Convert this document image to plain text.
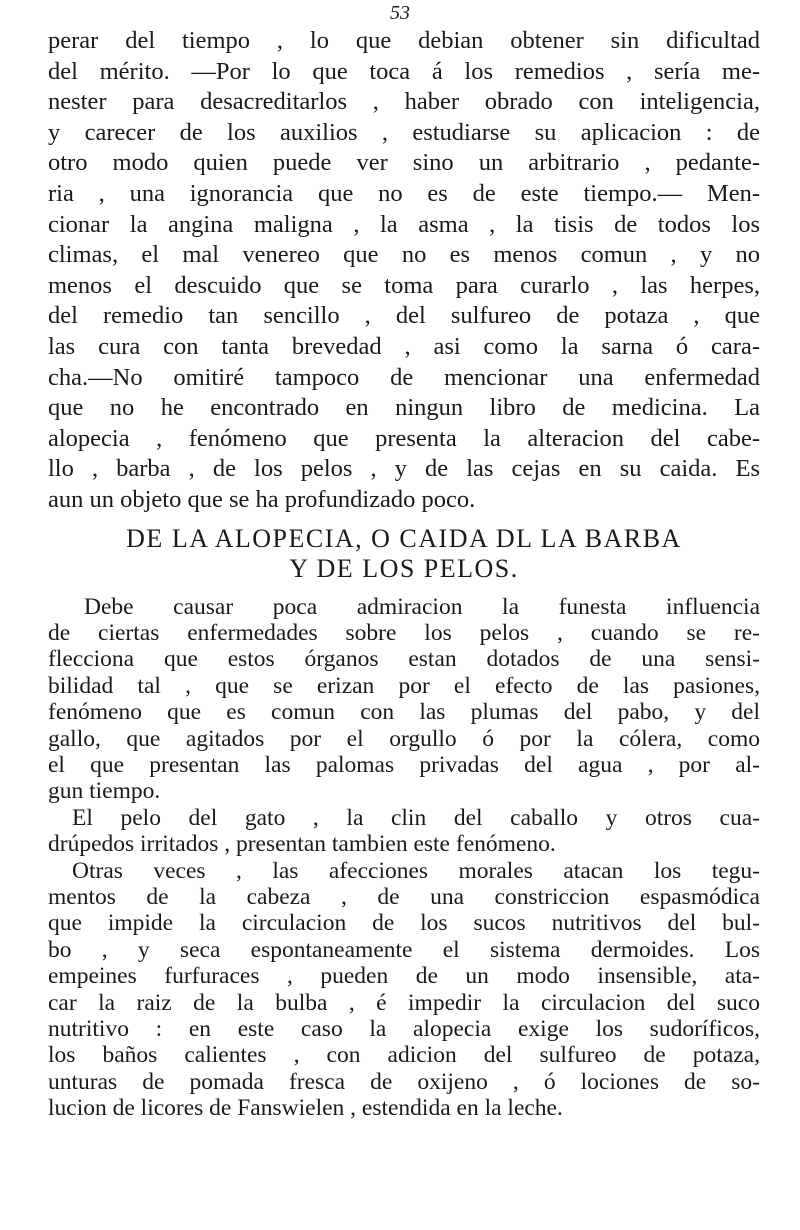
53
perar del tiempo , lo que debian obtener sin dificultad
del mérito. —Por lo que toca á los remedios , sería me-
nester para desacreditarlos , haber obrado con inteligencia,
y carecer de los auxilios , estudiarse su aplicacion : de
otro modo quien puede ver sino un arbitrario , pedante-
ria , una ignorancia que no es de este tiempo.— Men-
cionar la angina maligna , la asma , la tisis de todos los
climas, el mal venereo que no es menos comun , y no
menos el descuido que se toma para curarlo , las herpes,
del remedio tan sencillo , del sulfureo de potaza , que
las cura con tanta brevedad , asi como la sarna ó cara-
cha.—No omitiré tampoco de mencionar una enfermedad
que no he encontrado en ningun libro de medicina. La
alopecia , fenómeno que presenta la alteracion del cabe-
llo , barba , de los pelos , y de las cejas en su caida. Es
aun un objeto que se ha profundizado poco.
DE LA ALOPECIA, O CAIDA DL LA BARBA
Y DE LOS PELOS.
Debe causar poca admiracion la funesta influencia
de ciertas enfermedades sobre los pelos , cuando se re-
flecciona que estos órganos estan dotados de una sensi-
bilidad tal , que se erizan por el efecto de las pasiones,
fenómeno que es comun con las plumas del pabo, y del
gallo, que agitados por el orgullo ó por la cólera, como
el que presentan las palomas privadas del agua , por al-
gun tiempo.
El pelo del gato , la clin del caballo y otros cua-
drúpedos irritados , presentan tambien este fenómeno.
Otras veces , las afecciones morales atacan los tegu-
mentos de la cabeza , de una constriccion espasmódica
que impide la circulacion de los sucos nutritivos del bul-
bo , y seca espontaneamente el sistema dermoides. Los
empeines furfuraces , pueden de un modo insensible, ata-
car la raiz de la bulba , é impedir la circulacion del suco
nutritivo : en este caso la alopecia exige los sudoríficos,
los baños calientes , con adicion del sulfureo de potaza,
unturas de pomada fresca de oxijeno , ó lociones de so-
lucion de licores de Fanswielen , estendida en la leche.
